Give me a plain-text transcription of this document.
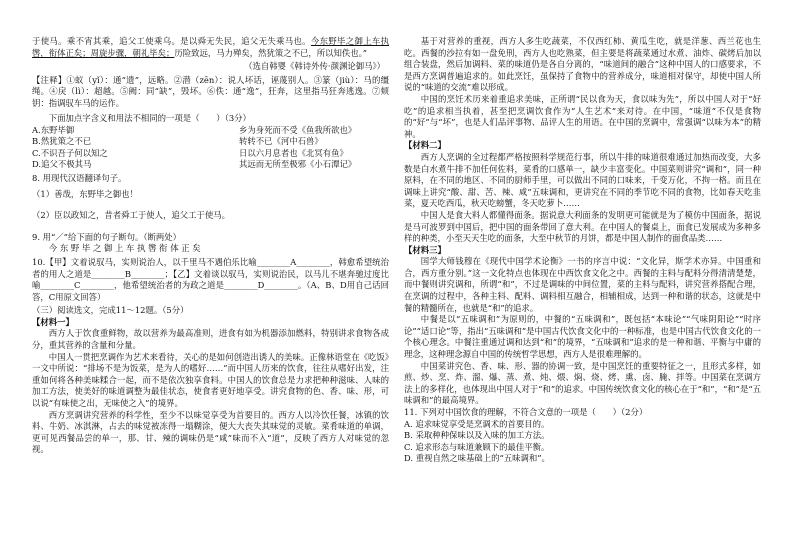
于使马。乘不宵其乘，追父工使乘乌。是以舜无失民，追父无失乘马也。今东野毕之御上车执辔，衔体正矣；周旋步骤，朝礼毕矣；历险致远，马力殚矣，然犹策之不已，所以知佚也。”

（选自韩婴《韩诗外传·颜渊论御马》）

【注释】①蚁（yǐ）：通“遗”，远略。②潜（zēn）：说人坏话，诬蔑别人。③篆（jiù）：马的缰绳。④戾（lì）：超越。⑤阙：同“缺”，毁坏。⑥佚：通“逸”，狂奔，这里指马狂奔逃逸。⑦颊钥：指调驭车马的运作。

下面加点字含义和用法不相同的一项是（　　）（3分）

A.东野毕御	乡为身死而不受《鱼我所欲也》
B.然犹策之不已	转转不已《河中石兽》
C.不识吾子何以知之	日以六月息者也《北冥有鱼》
D.追父不极其马	其远而无所至极邪《小石潭记》

8. 用现代汉语翻译句子。

（1）善哉，东野毕之御也！

（2）臣以政知之，昔者舜工于使人，追父工于使马。

9. 用“／”给下面的句子断句。（断两处）

今 东 野 毕 之 御 上 车 执 辔 衔 体 正 矣

10.【甲】文着说驭马，实则说治人，以千里马不遇伯乐比喻________A________，韩愈希望统治者的用人之道是________B________；【乙】文着谈以驭马，实则说治民，以马儿不堪奔驰过度比喻________C________，他希望统治者的为政之道是________D________。（A、B、D用自己话回答，C用原文回答）

（三）阅读选文，完成11～12题。（5分）

【材料一】

西方人于饮食重鲜物，故以营养为最高准则，进食有如为机器添加燃料，特别讲求食物各成分，重其营养的含量和分量。

中国人一贯把烹调作为艺术来看待，关心的是如何创造出诱人的美味。正像林语堂在《吃饭》一文中所说：“排场不是为饭菜，是为人的嗜好……”而中国人历来的饮食，往往从嗜好出发，注重如何将各种美味糅合一起，而不是依次独享食料。中国人的饮食总是力求把种种滋味、人味的加工方法，使美好的味道调整为最佳状态，使食者更好地享受。讲究食物的色、香、味、形，可以说“有味使之出，无味使之入”的境界。

西方烹调讲究营养的科学性，至少不以味觉享受为首要目的。西方人以冷饮任餐，冰镇的饮料、牛奶、冰淇淋，占去的味觉被冻得一塌糊涂，便大大丧失其味觉的灵敏。菜肴味道的单调，更可见西餐品尝的单一，那、甘、辣的调味仍是“咸”味而不入“道”，反映了西方人对味觉的忽视。

基于对营养的重视，西方人多生吃蔬菜，不仅西红柿、黄瓜生吃，就是洋葱、西兰花也生吃。西餐的沙拉有如一盘免刑，西方人也吃熟菜，但主要是将蔬菜通过水煮、油炸、碳烤后加以组合装盘，然后加调料、菜的味道仍是各自分离的，“味道间的融合”这种中国人的口感要求，不是西方烹调普遍追求的。如此烹饪，虽保持了食物中的营养成分，味道相对保守，却使中国人所说的“味道的交流”难以形成。

中国的烹饪术历来着重追求美味，正所谓“民以食为天，食以味为先”，所以中国人对于“好吃”的追求相当执着，甚至把烹调饮食作为“人生艺术”来对待。在中国，“味道”不仅是食物的“好”与“坏”，也是人们品评事物、品评人生的用语。在中国的烹调中，常强调“以味为本”的精神。

【材料二】

西方人烹调的全过程都严格按照科学规范行事，所以牛排的味道很难通过加热而改变，大多数是白水煮牛排不加任何佐料，菜肴的口感单一，缺少丰富变化。中国菜则讲究“调和”，同一种原料，在不同的地区、不同的厨师手里，可以做出不同的口味来，千变万化，不拘一格。而且在调味上讲究“酸、甜、苦、辣、咸”五味调和，更讲究在不同的季节吃不同的食物，比如春天吃韭菜，夏天吃西瓜，秋天吃螃蟹，冬天吃萝卜……

中国人是食大料人都懂得面条。据说意大利面条的发明更可能就是为了模仿中国面条，据说是马可波罗到中国后，把中国的面条带回了意大利。在中国人的餐桌上，面食已发展成为多种多样的种类，小至天天生吃的面条，大至中秋节的月饼，都是中国人制作的面食品类……

【材料三】

国学大师钱穆在《现代中国学术论衡》一书的序言中说：“文化异，斯学术亦异。中国重和合，西方重分别。”这一文化特点也体现在中西饮食文化之中。西餐的主料与配料分得清清楚楚，而中餐则讲究调和，所谓“和”，不过是调味的中间位置，菜的主料与配料，讲究营养搭配合理，在烹调的过程中，各种主料、配料、调料相互融合，相辅相成，达到一种和谐的状态，这就是中餐的精髓所在，也就是“和”的追求。

中餐是以“五味调和”为原则的，中餐的“五味调和”，既包括“本味论”“气味阴阳论”“时序论”“适口论”等，指出“五味调和”是中国古代饮食文化中的一种标准，也是中国古代饮食文化的一个核心理念。中餐注重通过调和达到“和”的境界，“五味调和”追求的是一种和谐、平衡与中庸的理念，这种理念源自中国的传统哲学思想，西方人是很难理解的。

中国菜讲究色、香、味、形、器的协调一致，是中国烹饪的重要特征之一，且形式多样，如煎、炒、烹、炸、溜、爆、蒸、煮、炖、煨、焖、烧、烤、熏、卤、腌、拌等。中国菜在烹调方法上的多样化，也体现出中国人对于“和”的追求。中国传统饮食文化的核心在于“和”，“和”是“五味调和”的最高境界。

11. 下列对中国饮食的理解，不符合文意的一项是（　　）（2分）

A. 追求味觉享受是烹调术的首要目的。

B. 采取种种保味以及入味的加工方法。

C. 追求形态与味道兼顾下的最佳平衡。

D. 重视自然之味基础上的“五味调和”。
